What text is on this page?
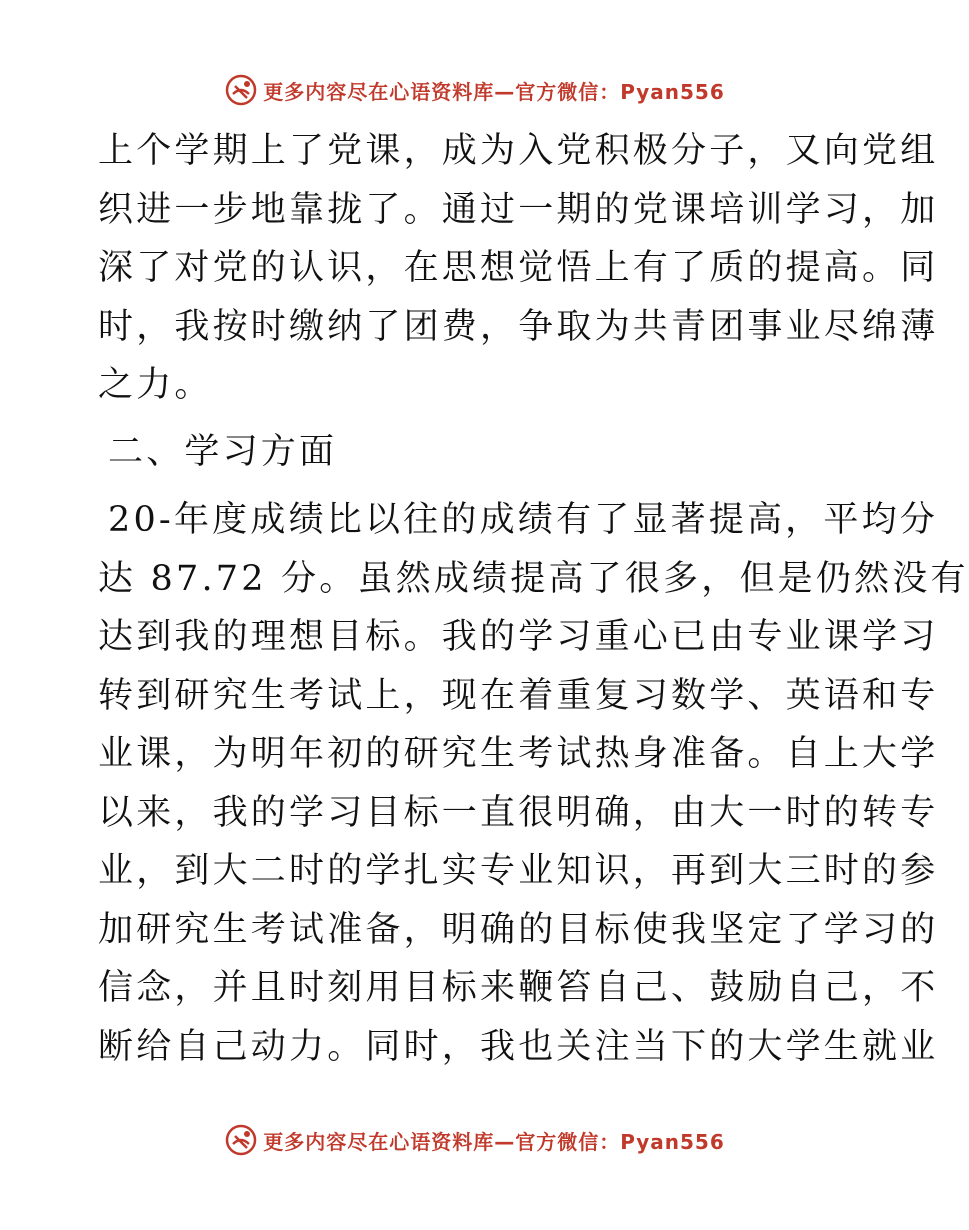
更多内容尽在心语资料库—官方微信：Pyan556
上个学期上了党课，成为入党积极分子，又向党组
织进一步地靠拢了。通过一期的党课培训学习，加
深了对党的认识，在思想觉悟上有了质的提高。同
时，我按时缴纳了团费，争取为共青团事业尽绵薄
之力。
二、学习方面
20-年度成绩比以往的成绩有了显著提高，平均分
达 87.72 分。虽然成绩提高了很多，但是仍然没有
达到我的理想目标。我的学习重心已由专业课学习
转到研究生考试上，现在着重复习数学、英语和专
业课，为明年初的研究生考试热身准备。自上大学
以来，我的学习目标一直很明确，由大一时的转专
业，到大二时的学扎实专业知识，再到大三时的参
加研究生考试准备，明确的目标使我坚定了学习的
信念，并且时刻用目标来鞭笞自己、鼓励自己，不
断给自己动力。同时，我也关注当下的大学生就业
更多内容尽在心语资料库—官方微信：Pyan556
